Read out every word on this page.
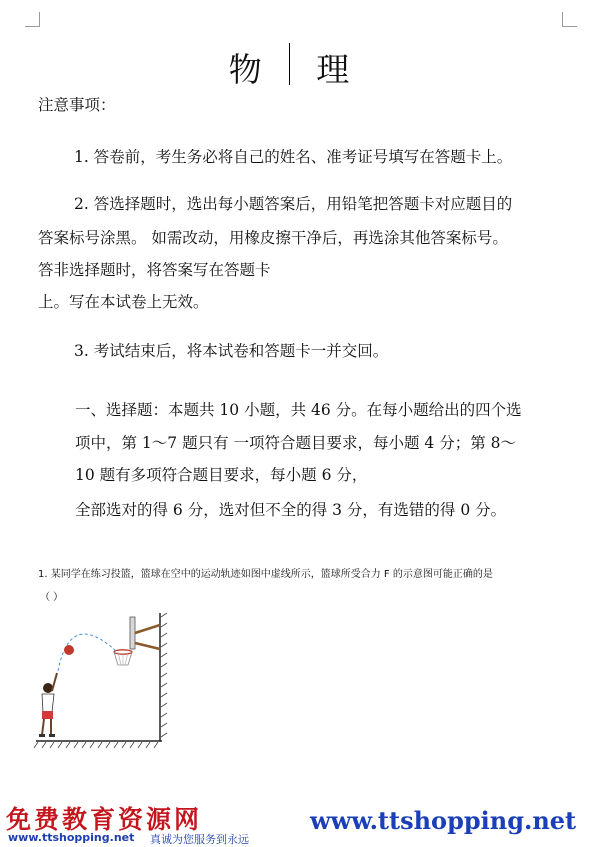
物 理
注意事项：
1. 答卷前，考生务必将自己的姓名、准考证号填写在答题卡上。
2. 答选择题时，选出每小题答案后，用铅笔把答题卡对应题目的
答案标号涂黑。 如需改动，用橡皮擦干净后，再选涂其他答案标号。
答非选择题时，将答案写在答题卡
上。写在本试卷上无效。
3. 考试结束后，将本试卷和答题卡一并交回。
一、选择题：本题共 10 小题，共 46 分。在每小题给出的四个选
项中，第 1～7 题只有 一项符合题目要求，每小题 4 分；第 8～
10 题有多项符合题目要求，每小题 6 分，
全部选对的得 6 分，选对但不全的得 3 分，有选错的得 0 分。
1. 某同学在练习投篮，篮球在空中的运动轨迹如图中虚线所示，篮球所受合力 F 的示意图可能正确的是
（ ）
免费教育资源网
www.ttshopping.net 真诚为您服务到永远
www.ttshopping.net
